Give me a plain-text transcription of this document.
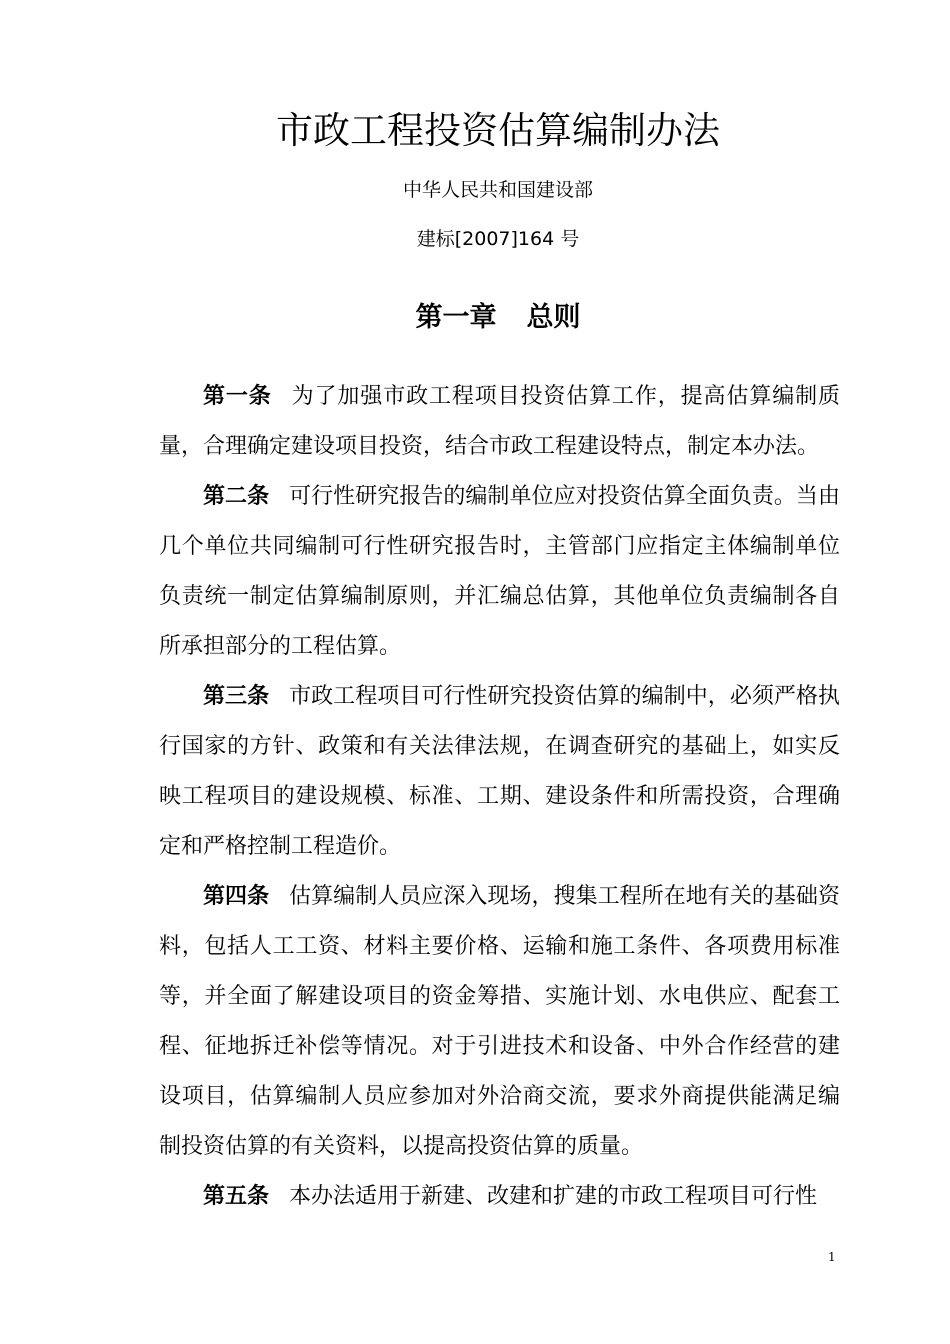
市政工程投资估算编制办法

中华人民共和国建设部

建标[2007]164 号

第一章 总则

第一条 为了加强市政工程项目投资估算工作，提高估算编制质量，合理确定建设项目投资，结合市政工程建设特点，制定本办法。

第二条 可行性研究报告的编制单位应对投资估算全面负责。当由几个单位共同编制可行性研究报告时，主管部门应指定主体编制单位负责统一制定估算编制原则，并汇编总估算，其他单位负责编制各自所承担部分的工程估算。

第三条 市政工程项目可行性研究投资估算的编制中，必须严格执行国家的方针、政策和有关法律法规，在调查研究的基础上，如实反映工程项目的建设规模、标准、工期、建设条件和所需投资，合理确定和严格控制工程造价。

第四条 估算编制人员应深入现场，搜集工程所在地有关的基础资料，包括人工工资、材料主要价格、运输和施工条件、各项费用标准等，并全面了解建设项目的资金筹措、实施计划、水电供应、配套工程、征地拆迁补偿等情况。对于引进技术和设备、中外合作经营的建设项目，估算编制人员应参加对外洽商交流，要求外商提供能满足编制投资估算的有关资料，以提高投资估算的质量。

第五条 本办法适用于新建、改建和扩建的市政工程项目可行性

1
